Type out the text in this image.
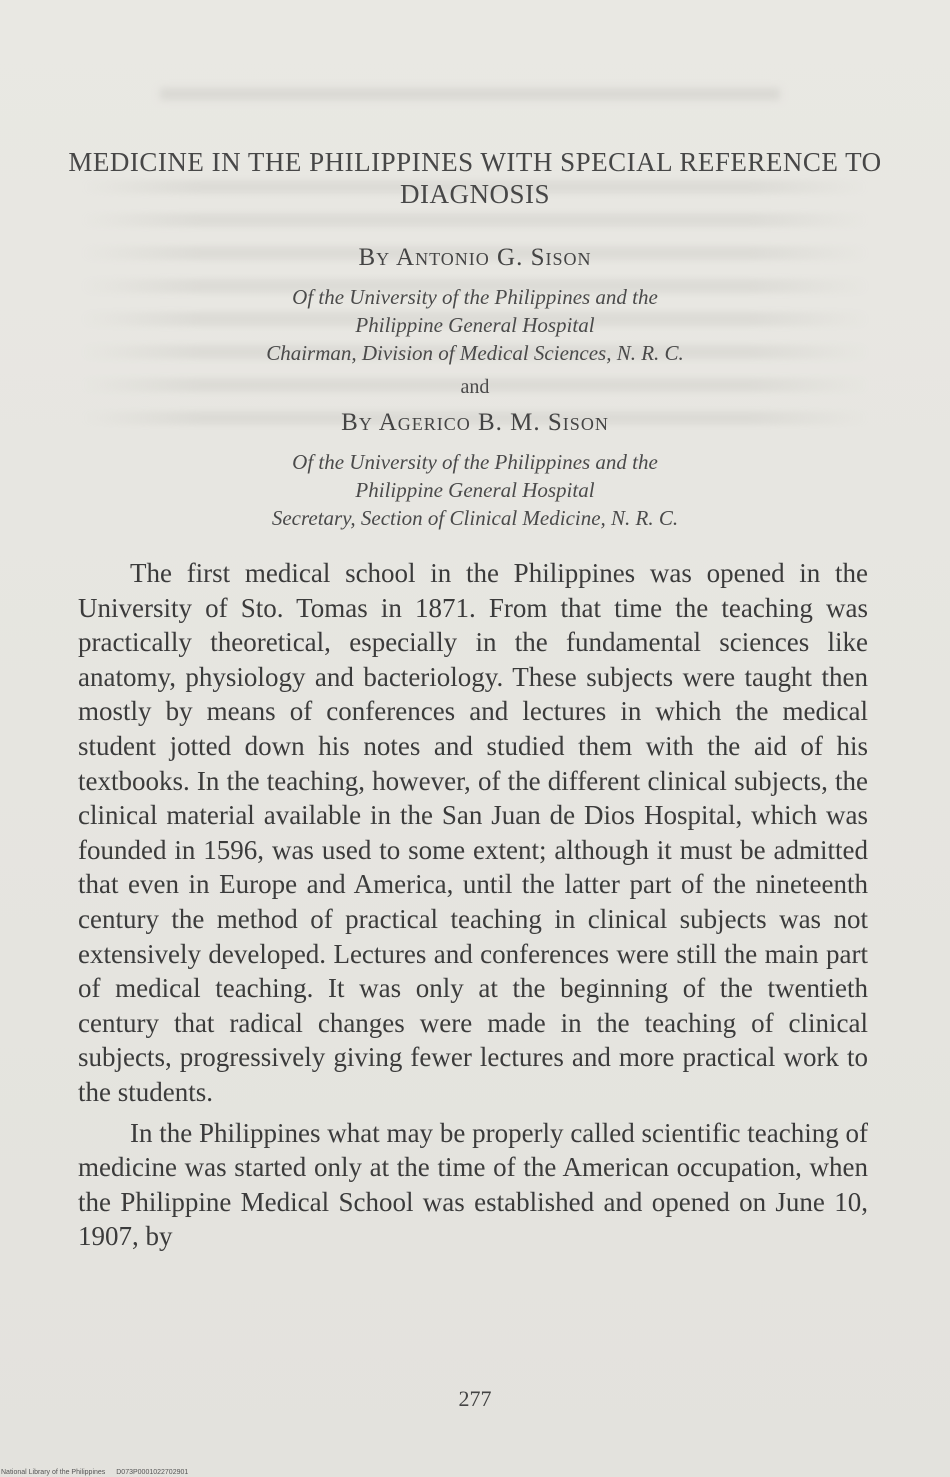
MEDICINE IN THE PHILIPPINES WITH SPECIAL REFERENCE TO DIAGNOSIS
By Antonio G. Sison
Of the University of the Philippines and the
Philippine General Hospital
Chairman, Division of Medical Sciences, N. R. C.
and
By Agerico B. M. Sison
Of the University of the Philippines and the
Philippine General Hospital
Secretary, Section of Clinical Medicine, N. R. C.

The first medical school in the Philippines was opened in the University of Sto. Tomas in 1871. From that time the teaching was practically theoretical, especially in the fundamental sciences like anatomy, physiology and bacteriology. These subjects were taught then mostly by means of conferences and lectures in which the medical student jotted down his notes and studied them with the aid of his textbooks. In the teaching, however, of the different clinical subjects, the clinical material available in the San Juan de Dios Hospital, which was founded in 1596, was used to some extent; although it must be admitted that even in Europe and America, until the latter part of the nineteenth century the method of practical teaching in clinical subjects was not extensively developed. Lectures and conferences were still the main part of medical teaching. It was only at the beginning of the twentieth century that radical changes were made in the teaching of clinical subjects, progressively giving fewer lectures and more practical work to the students.

In the Philippines what may be properly called scientific teaching of medicine was started only at the time of the American occupation, when the Philippine Medical School was established and opened on June 10, 1907, by

277
National Library of the Philippines D073P0001022702901
